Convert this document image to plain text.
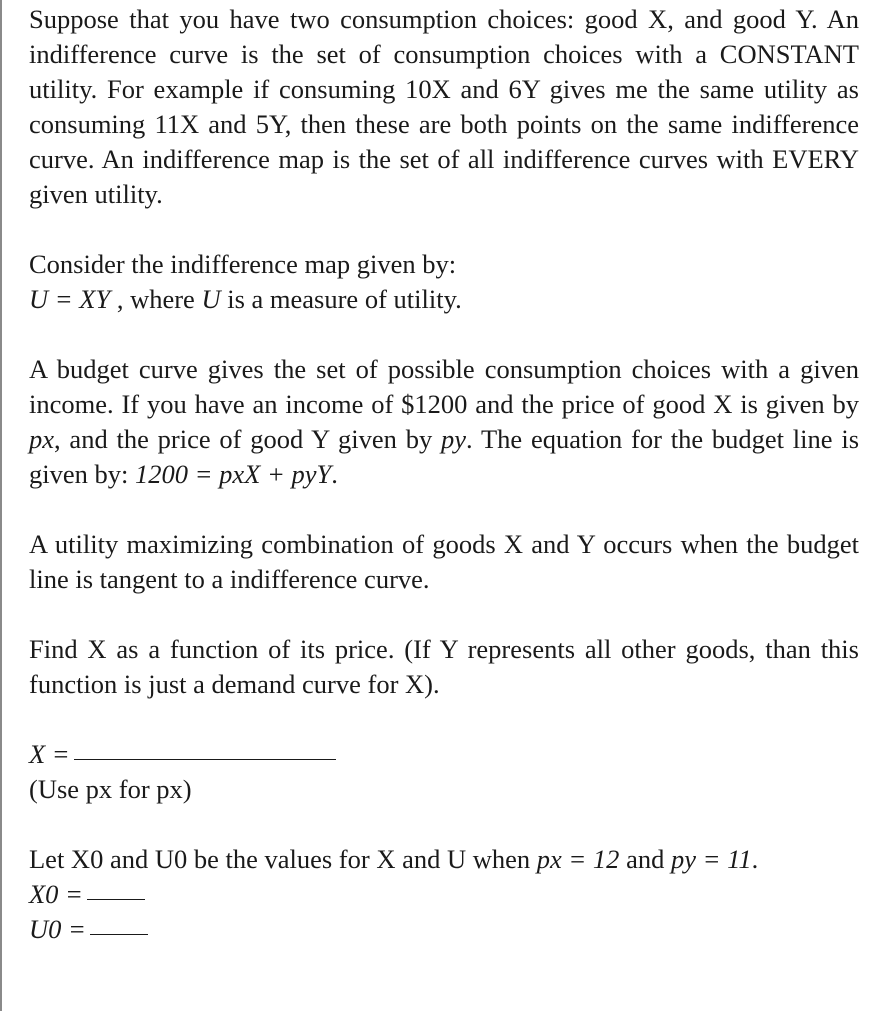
Suppose that you have two consumption choices: good X, and good Y. An indifference curve is the set of consumption choices with a CONSTANT utility. For example if consuming 10X and 6Y gives me the same utility as consuming 11X and 5Y, then these are both points on the same indifference curve. An indifference map is the set of all indifference curves with EVERY given utility.

Consider the indifference map given by:

U = XY , where U is a measure of utility.

A budget curve gives the set of possible consumption choices with a given income. If you have an income of $1200 and the price of good X is given by px, and the price of good Y given by py. The equation for the budget line is given by: 1200 = pxX + pyY.

A utility maximizing combination of goods X and Y occurs when the budget line is tangent to a indifference curve.

Find X as a function of its price. (If Y represents all other goods, than this function is just a demand curve for X).

X =

(Use px for px)

Let X0 and U0 be the values for X and U when px = 12 and py = 11.

X0 =

U0 =
